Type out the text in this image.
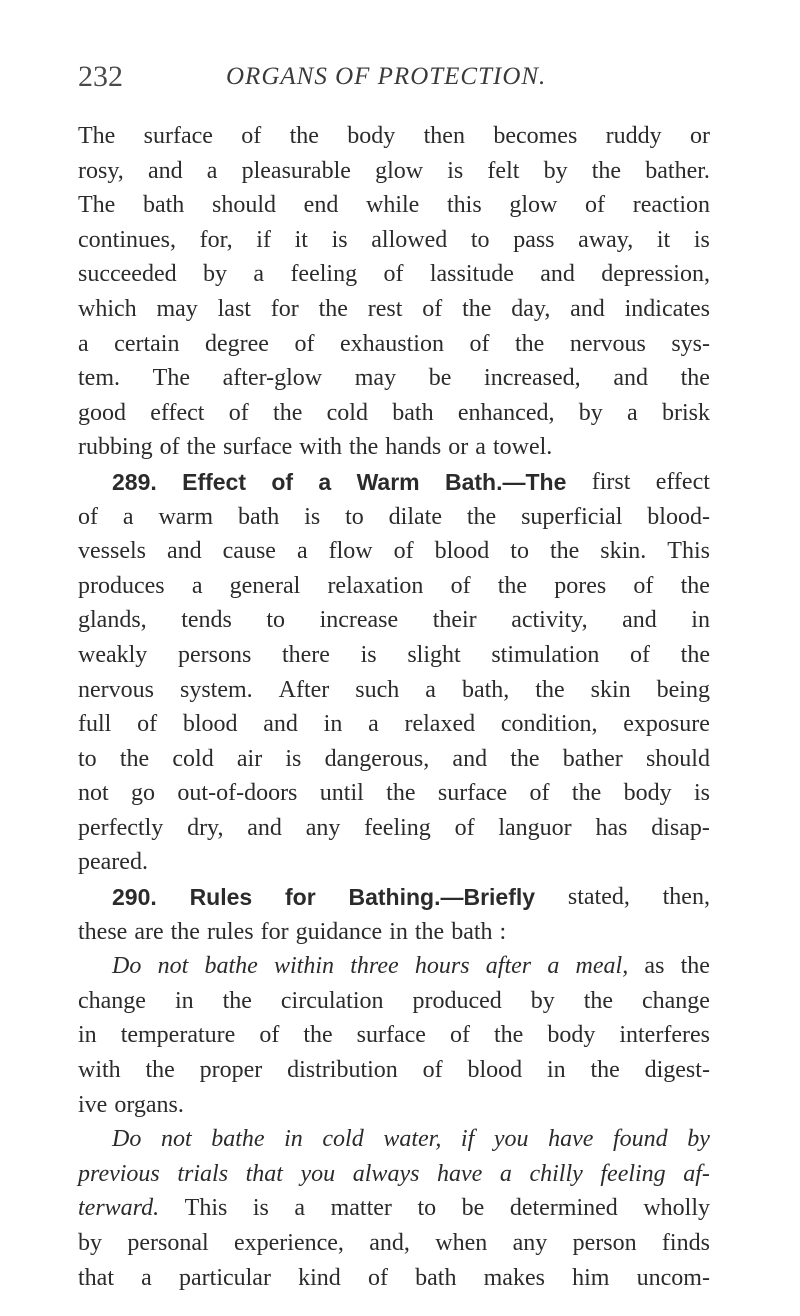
232	ORGANS OF PROTECTION.
The surface of the body then becomes ruddy or
rosy, and a pleasurable glow is felt by the bather.
The bath should end while this glow of reaction
continues, for, if it is allowed to pass away, it is
succeeded by a feeling of lassitude and depression,
which may last for the rest of the day, and indicates
a certain degree of exhaustion of the nervous sys-
tem. The after-glow may be increased, and the
good effect of the cold bath enhanced, by a brisk
rubbing of the surface with the hands or a towel.
289. Effect of a Warm Bath.—The first effect
of a warm bath is to dilate the superficial blood-
vessels and cause a flow of blood to the skin. This
produces a general relaxation of the pores of the
glands, tends to increase their activity, and in
weakly persons there is slight stimulation of the
nervous system. After such a bath, the skin being
full of blood and in a relaxed condition, exposure
to the cold air is dangerous, and the bather should
not go out-of-doors until the surface of the body is
perfectly dry, and any feeling of languor has disap-
peared.
290. Rules for Bathing.—Briefly stated, then,
these are the rules for guidance in the bath :
Do not bathe within three hours after a meal, as the
change in the circulation produced by the change
in temperature of the surface of the body interferes
with the proper distribution of blood in the digest-
ive organs.
Do not bathe in cold water, if you have found by
previous trials that you always have a chilly feeling af-
terward. This is a matter to be determined wholly
by personal experience, and, when any person finds
that a particular kind of bath makes him uncom-
